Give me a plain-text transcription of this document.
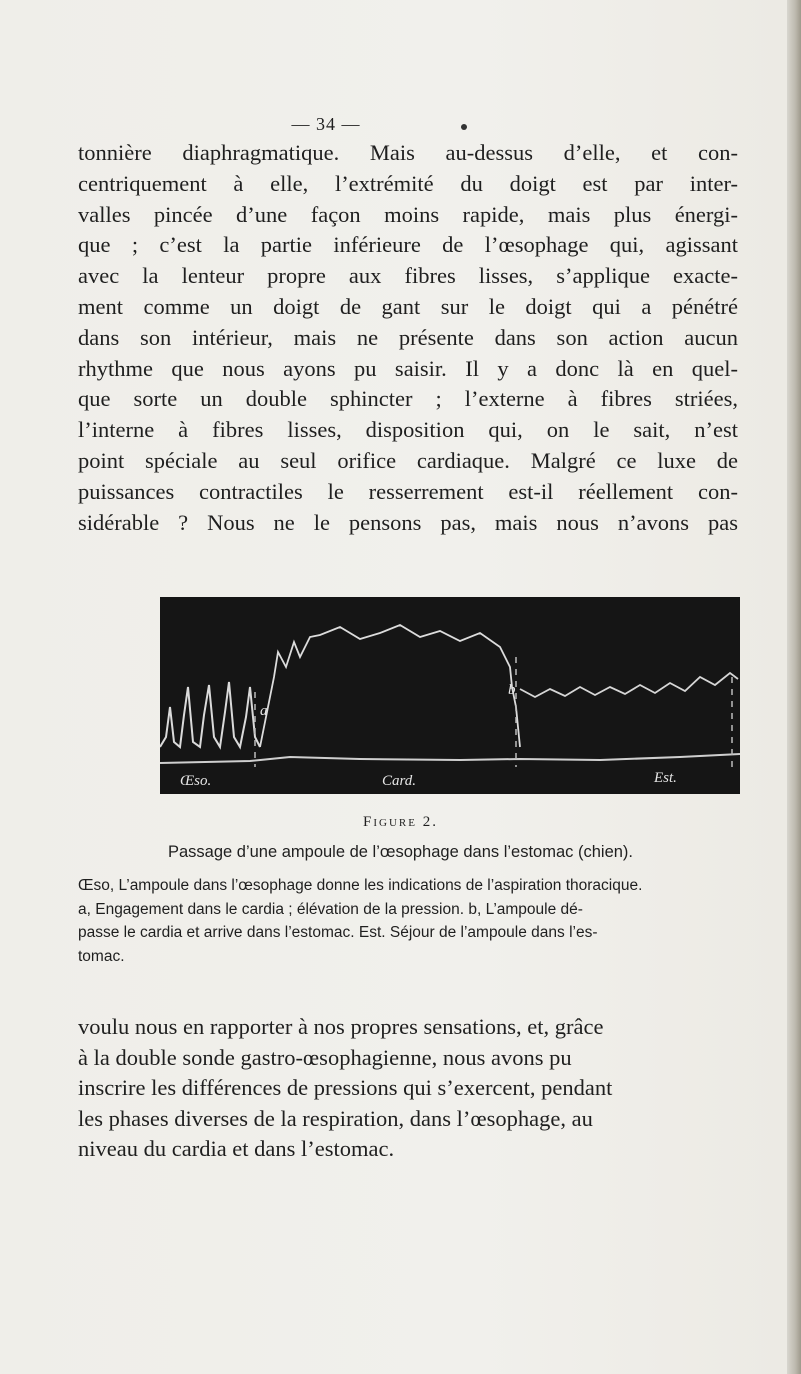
— 34 —

tonnière diaphragmatique. Mais au-dessus d’elle, et con-

centriquement à elle, l’extrémité du doigt est par inter-

valles pincée d’une façon moins rapide, mais plus énergi-

que ; c’est la partie inférieure de l’œsophage qui, agissant

avec la lenteur propre aux fibres lisses, s’applique exacte-

ment comme un doigt de gant sur le doigt qui a pénétré

dans son intérieur, mais ne présente dans son action aucun

rhythme que nous ayons pu saisir. Il y a donc là en quel-

que sorte un double sphincter ; l’externe à fibres striées,

l’interne à fibres lisses, disposition qui, on le sait, n’est

point spéciale au seul orifice cardiaque. Malgré ce luxe de

puissances contractiles le resserrement est-il réellement con-

sidérable ? Nous ne le pensons pas, mais nous n’avons pas

a
b
Œso.	Card.	Est.
Figure 2.
Passage d’une ampoule de l’œsophage dans l’estomac (chien).

Œso, L’ampoule dans l’œsophage donne les indications de l’aspiration thoracique.

a, Engagement dans le cardia ; élévation de la pression. b, L’ampoule dé-

passe le cardia et arrive dans l’estomac. Est. Séjour de l’ampoule dans l’es-

tomac.

voulu nous en rapporter à nos propres sensations, et, grâce

à la double sonde gastro-œsophagienne, nous avons pu

inscrire les différences de pressions qui s’exercent, pendant

les phases diverses de la respiration, dans l’œsophage, au

niveau du cardia et dans l’estomac.
